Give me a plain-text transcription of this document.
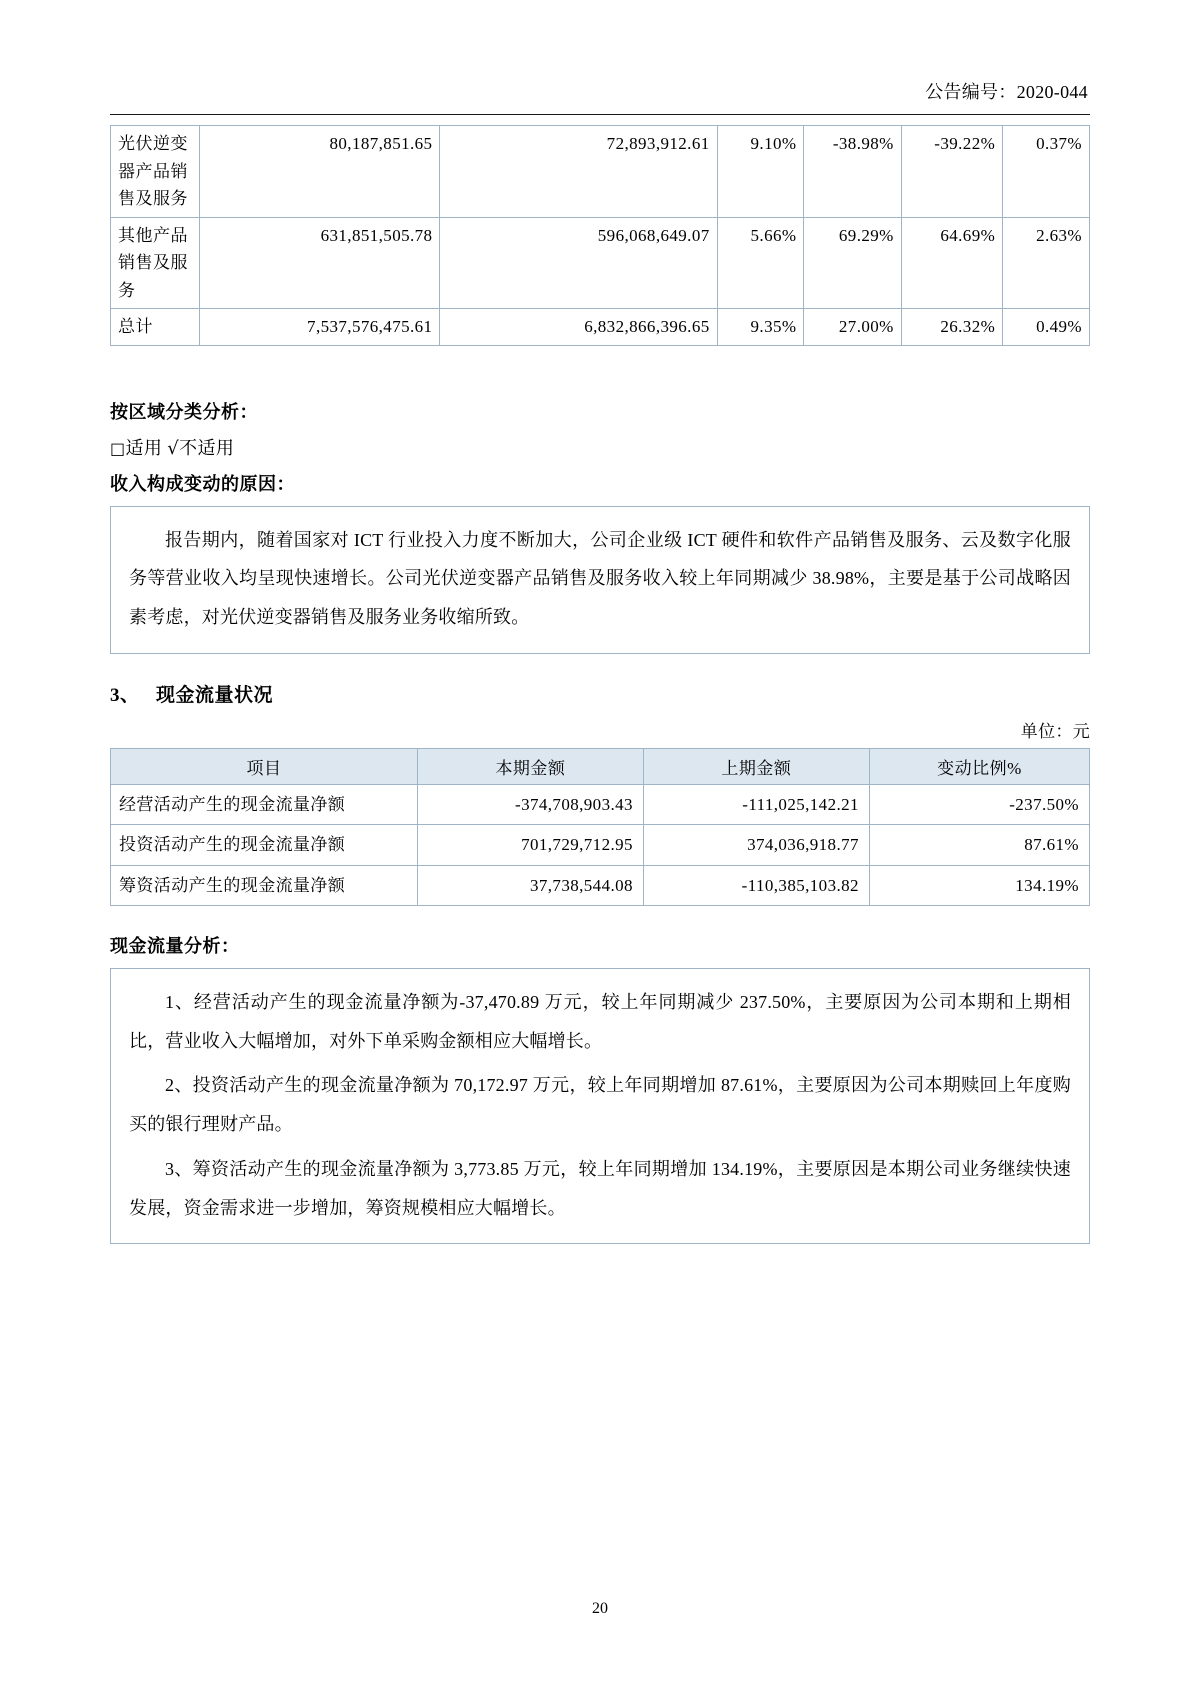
公告编号：2020-044
光伏逆变器产品销售及服务	80,187,851.65	72,893,912.61	9.10%	-38.98%	-39.22%	0.37%
其他产品销售及服务	631,851,505.78	596,068,649.07	5.66%	69.29%	64.69%	2.63%
总计	7,537,576,475.61	6,832,866,396.65	9.35%	27.00%	26.32%	0.49%
按区域分类分析：
□适用 √不适用
收入构成变动的原因：

报告期内，随着国家对 ICT 行业投入力度不断加大，公司企业级 ICT 硬件和软件产品销售及服务、云及数字化服务等营业收入均呈现快速增长。公司光伏逆变器产品销售及服务收入较上年同期减少 38.98%，主要是基于公司战略因素考虑，对光伏逆变器销售及服务业务收缩所致。

3、 现金流量状况
单位：元
项目	本期金额	上期金额	变动比例%
经营活动产生的现金流量净额	-374,708,903.43	-111,025,142.21	-237.50%
投资活动产生的现金流量净额	701,729,712.95	374,036,918.77	87.61%
筹资活动产生的现金流量净额	37,738,544.08	-110,385,103.82	134.19%
现金流量分析：

1、经营活动产生的现金流量净额为-37,470.89 万元，较上年同期减少 237.50%，主要原因为公司本期和上期相比，营业收入大幅增加，对外下单采购金额相应大幅增长。

2、投资活动产生的现金流量净额为 70,172.97 万元，较上年同期增加 87.61%，主要原因为公司本期赎回上年度购买的银行理财产品。

3、筹资活动产生的现金流量净额为 3,773.85 万元，较上年同期增加 134.19%，主要原因是本期公司业务继续快速发展，资金需求进一步增加，筹资规模相应大幅增长。

20
